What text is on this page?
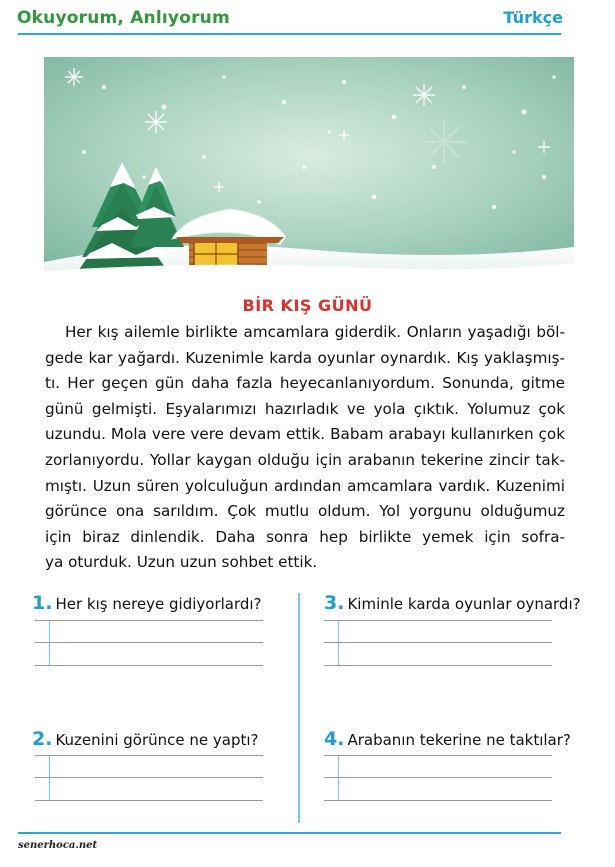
Okuyorum, Anlıyorum	Türkçe
BİR KIŞ GÜNÜ
Her kış ailemle birlikte amcamlara giderdik. Onların yaşadığı böl-
gede kar yağardı. Kuzenimle karda oyunlar oynardık. Kış yaklaşmış-
tı. Her geçen gün daha fazla heyecanlanıyordum. Sonunda, gitme
günü gelmişti. Eşyalarımızı hazırladık ve yola çıktık. Yolumuz çok
uzundu. Mola vere vere devam ettik. Babam arabayı kullanırken çok
zorlanıyordu. Yollar kaygan olduğu için arabanın tekerine zincir tak-
mıştı. Uzun süren yolculuğun ardından amcamlara vardık. Kuzenimi
görünce ona sarıldım. Çok mutlu oldum. Yol yorgunu olduğumuz
için biraz dinlendik. Daha sonra hep birlikte yemek için sofra-
ya oturduk. Uzun uzun sohbet ettik.
1. Her kış nereye gidiyorlardı?	3. Kiminle karda oyunlar oynardı?
2. Kuzenini görünce ne yaptı?	4. Arabanın tekerine ne taktılar?
senerhoca.net
